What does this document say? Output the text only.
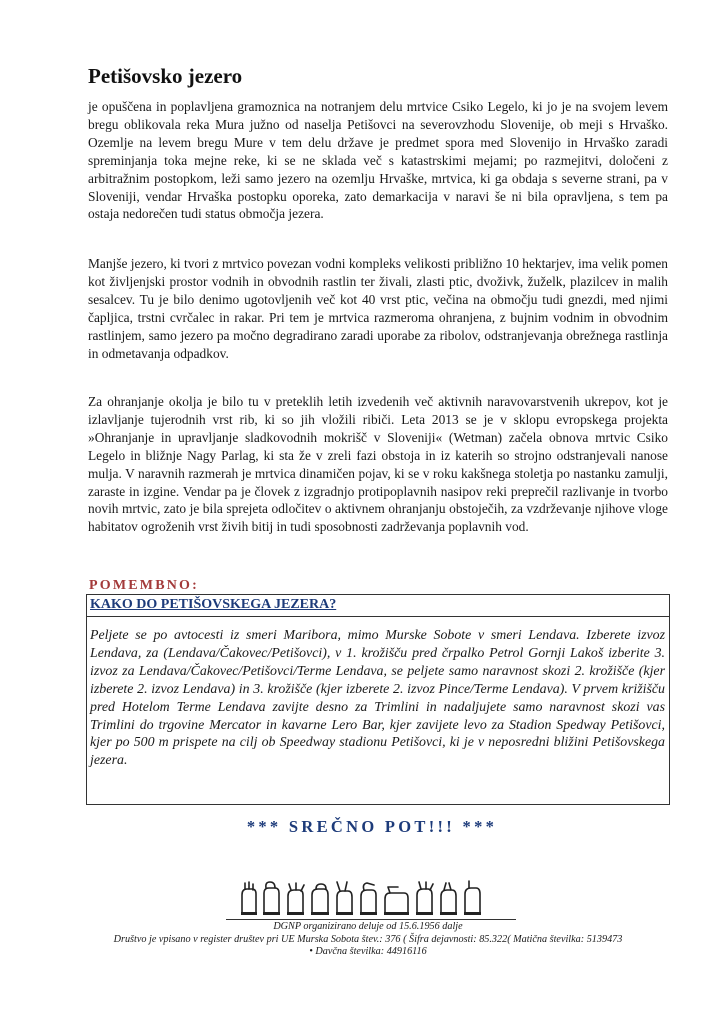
Petišovsko jezero

je opuščena in poplavljena gramoznica na notranjem delu mrtvice Csiko Legelo, ki jo je na svojem levem bregu oblikovala reka Mura južno od naselja Petišovci na severovzhodu Slovenije, ob meji s Hrvaško. Ozemlje na levem bregu Mure v tem delu države je predmet spora med Slovenijo in Hrvaško zaradi spreminjanja toka mejne reke, ki se ne sklada več s katastrskimi mejami; po razmejitvi, določeni z arbitražnim postopkom, leži samo jezero na ozemlju Hrvaške, mrtvica, ki ga obdaja s severne strani, pa v Sloveniji, vendar Hrvaška postopku oporeka, zato demarkacija v naravi še ni bila opravljena, s tem pa ostaja nedorečen tudi status območja jezera.

Manjše jezero, ki tvori z mrtvico povezan vodni kompleks velikosti približno 10 hektarjev, ima velik pomen kot življenjski prostor vodnih in obvodnih rastlin ter živali, zlasti ptic, dvoživk, žuželk, plazilcev in malih sesalcev. Tu je bilo denimo ugotovljenih več kot 40 vrst ptic, večina na območju tudi gnezdi, med njimi čapljica, trstni cvrčalec in rakar. Pri tem je mrtvica razmeroma ohranjena, z bujnim vodnim in obvodnim rastlinjem, samo jezero pa močno degradirano zaradi uporabe za ribolov, odstranjevanja obrežnega rastlinja in odmetavanja odpadkov.

Za ohranjanje okolja je bilo tu v preteklih letih izvedenih več aktivnih naravovarstvenih ukrepov, kot je izlavljanje tujerodnih vrst rib, ki so jih vložili ribiči. Leta 2013 se je v sklopu evropskega projekta »Ohranjanje in upravljanje sladkovodnih mokrišč v Sloveniji« (Wetman) začela obnova mrtvic Csiko Legelo in bližnje Nagy Parlag, ki sta že v zreli fazi obstoja in iz katerih so strojno odstranjevali nanose mulja. V naravnih razmerah je mrtvica dinamičen pojav, ki se v roku kakšnega stoletja po nastanku zamulji, zaraste in izgine. Vendar pa je človek z izgradnjo protipoplavnih nasipov reki preprečil razlivanje in tvorbo novih mrtvic, zato je bila sprejeta odločitev o aktivnem ohranjanju obstoječih, za vzdrževanje njihove vloge habitatov ogroženih vrst živih bitij in tudi sposobnosti zadrževanja poplavnih vod.

POMEMBNO:

KAKO DO PETIŠOVSKEGA JEZERA?

Peljete se po avtocesti iz smeri Maribora, mimo Murske Sobote v smeri Lendava. Izberete izvoz Lendava, za (Lendava/Čakovec/Petišovci), v 1. krožišču pred črpalko Petrol Gornji Lakoš izberite 3. izvoz za Lendava/Čakovec/Petišovci/Terme Lendava, se peljete samo naravnost skozi 2. krožišče (kjer izberete 2. izvoz Lendava) in 3. krožišče (kjer izberete 2. izvoz Pince/Terme Lendava). V prvem križišču pred Hotelom Terme Lendava zavijte desno za Trimlini in nadaljujete samo naravnost skozi vas Trimlini do trgovine Mercator in kavarne Lero Bar, kjer zavijete levo za Stadion Spedway Petišovci, kjer po 500 m prispete na cilj ob Speedway stadionu Petišovci, ki je v neposredni bližini Petišovskega jezera.

*** SREČNO POT!!! ***

DGNP organizirano deluje od 15.6.1956 dalje
Društvo je vpisano v register društev pri UE Murska Sobota štev.: 376 ( Šifra dejavnosti: 85.322( Matična številka: 5139473
• Davčna številka: 44916116
